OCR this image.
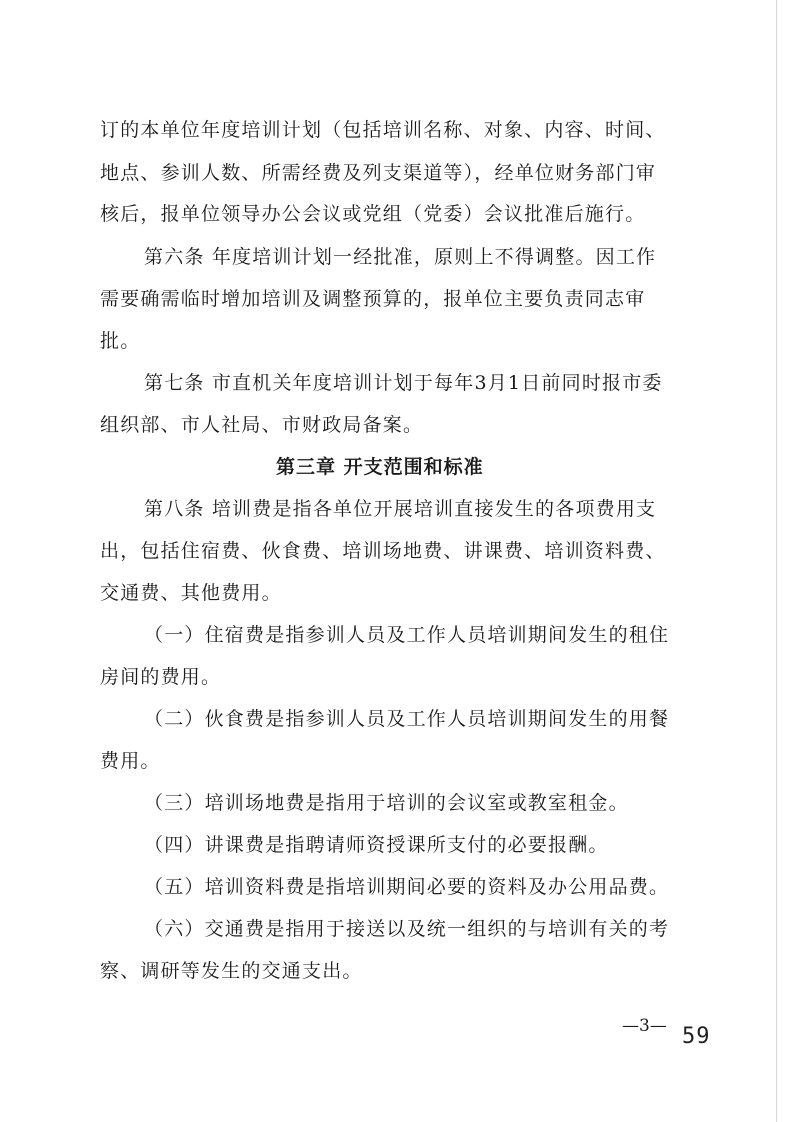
订的本单位年度培训计划（包括培训名称、对象、内容、时间、
地点、参训人数、所需经费及列支渠道等），经单位财务部门审
核后，报单位领导办公会议或党组（党委）会议批准后施行。
第六条 年度培训计划一经批准，原则上不得调整。因工作
需要确需临时增加培训及调整预算的，报单位主要负责同志审
批。
第七条 市直机关年度培训计划于每年3月1日前同时报市委
组织部、市人社局、市财政局备案。
第三章 开支范围和标准
第八条 培训费是指各单位开展培训直接发生的各项费用支
出，包括住宿费、伙食费、培训场地费、讲课费、培训资料费、
交通费、其他费用。
（一）住宿费是指参训人员及工作人员培训期间发生的租住
房间的费用。
（二）伙食费是指参训人员及工作人员培训期间发生的用餐
费用。
（三）培训场地费是指用于培训的会议室或教室租金。
（四）讲课费是指聘请师资授课所支付的必要报酬。
（五）培训资料费是指培训期间必要的资料及办公用品费。
（六）交通费是指用于接送以及统一组织的与培训有关的考
察、调研等发生的交通支出。
—3— 59
